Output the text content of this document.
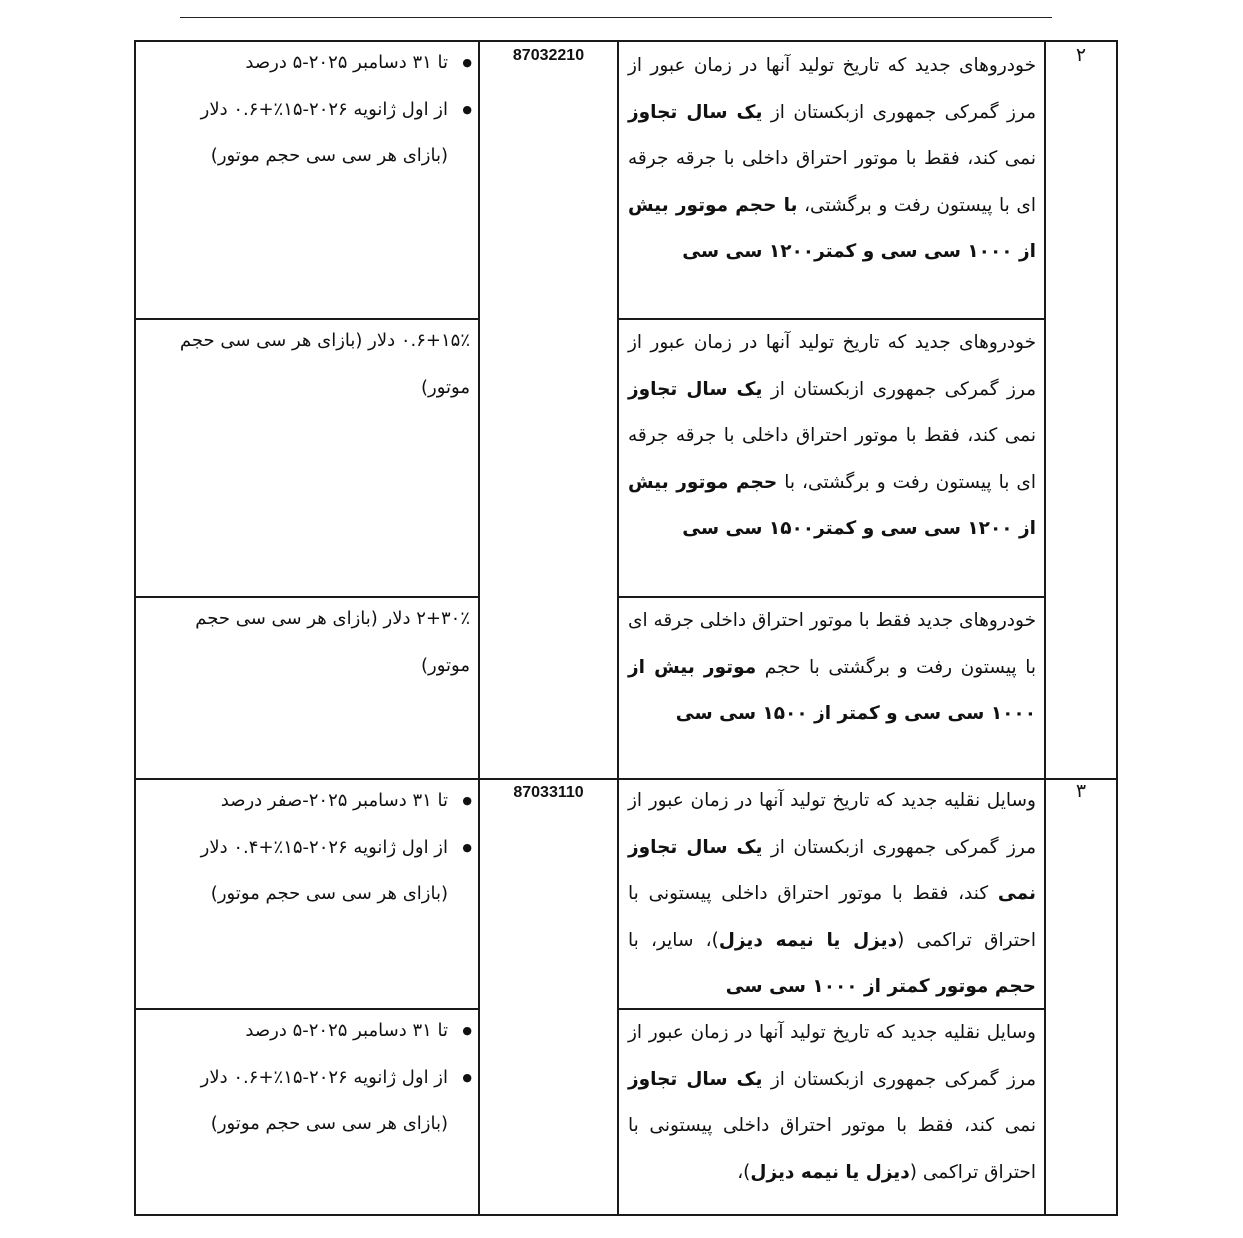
۲
87032210	خودروهای جدید که تاریخ تولید آنها در زمان عبور از مرز گمرکی جمهوری ازبکستان از یک سال تجاوز نمی کند، فقط با موتور احتراق داخلی با جرقه جرقه ای با پیستون رفت و برگشتی، با حجم موتور بیش از ۱۰۰۰ سی سی و کمتر۱۲۰۰ سی سی
● تا ۳۱ دسامبر ۲۰۲۵-۵ درصد
● از اول ژانویه ۲۰۲۶-۱۵٪+۰.۶ دلار (بازای هر سی سی حجم موتور)
خودروهای جدید که تاریخ تولید آنها در زمان عبور از مرز گمرکی جمهوری ازبکستان از یک سال تجاوز نمی کند، فقط با موتور احتراق داخلی با جرقه جرقه ای با پیستون رفت و برگشتی، با حجم موتور بیش از ۱۲۰۰ سی سی و کمتر۱۵۰۰ سی سی

۱۵٪+۰.۶ دلار (بازای هر سی سی حجم موتور)

خودروهای جدید فقط با موتور احتراق داخلی جرقه ای با پیستون رفت و برگشتی با حجم موتور بیش از ۱۰۰۰ سی سی و کمتر از ۱۵۰۰ سی سی

۳۰٪+۲ دلار (بازای هر سی سی حجم موتور)

۳
87033110	وسایل نقلیه جدید که تاریخ تولید آنها در زمان عبور از مرز گمرکی جمهوری ازبکستان از یک سال تجاوز نمی کند، فقط با موتور احتراق داخلی پیستونی با احتراق تراکمی (دیزل یا نیمه دیزل)، سایر، با حجم موتور کمتر از ۱۰۰۰ سی سی
● تا ۳۱ دسامبر ۲۰۲۵-صفر درصد
● از اول ژانویه ۲۰۲۶-۱۵٪+۰.۴ دلار (بازای هر سی سی حجم موتور)
وسایل نقلیه جدید که تاریخ تولید آنها در زمان عبور از مرز گمرکی جمهوری ازبکستان از یک سال تجاوز نمی کند، فقط با موتور احتراق داخلی پیستونی با احتراق تراکمی (دیزل یا نیمه دیزل)،
● تا ۳۱ دسامبر ۲۰۲۵-۵ درصد
● از اول ژانویه ۲۰۲۶-۱۵٪+۰.۶ دلار (بازای هر سی سی حجم موتور)
